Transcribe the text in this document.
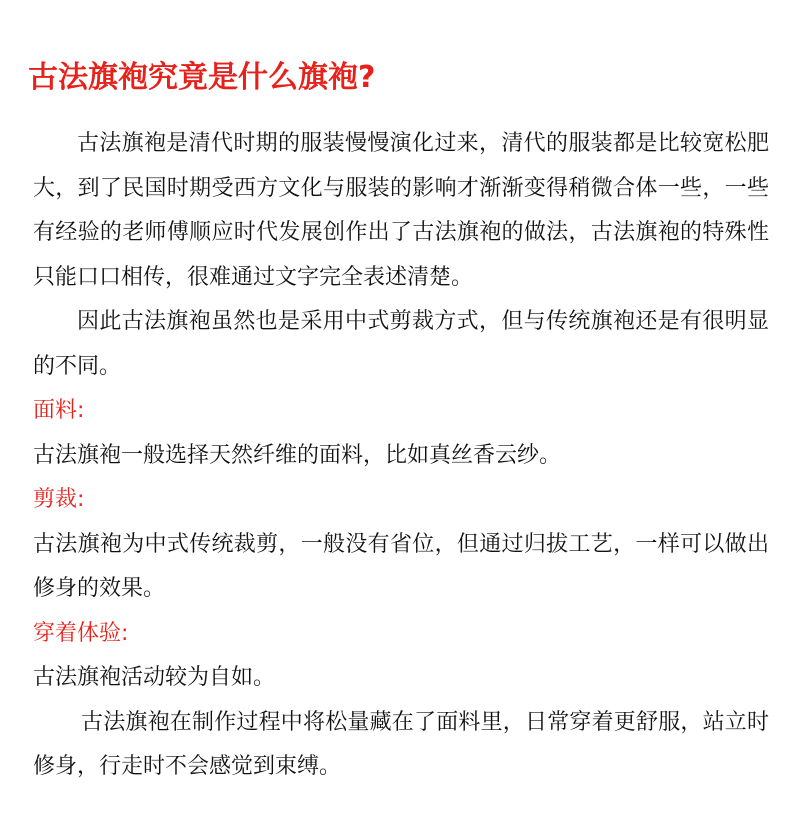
古法旗袍究竟是什么旗袍?

古法旗袍是清代时期的服装慢慢演化过来，清代的服装都是比较宽松肥大，到了民国时期受西方文化与服装的影响才渐渐变得稍微合体一些，一些有经验的老师傅顺应时代发展创作出了古法旗袍的做法，古法旗袍的特殊性只能口口相传，很难通过文字完全表述清楚。

因此古法旗袍虽然也是采用中式剪裁方式，但与传统旗袍还是有很明显的不同。

面料:

古法旗袍一般选择天然纤维的面料，比如真丝香云纱。

剪裁:

古法旗袍为中式传统裁剪，一般没有省位，但通过归拔工艺，一样可以做出修身的效果。

穿着体验:

古法旗袍活动较为自如。

古法旗袍在制作过程中将松量藏在了面料里，日常穿着更舒服，站立时修身，行走时不会感觉到束缚。
